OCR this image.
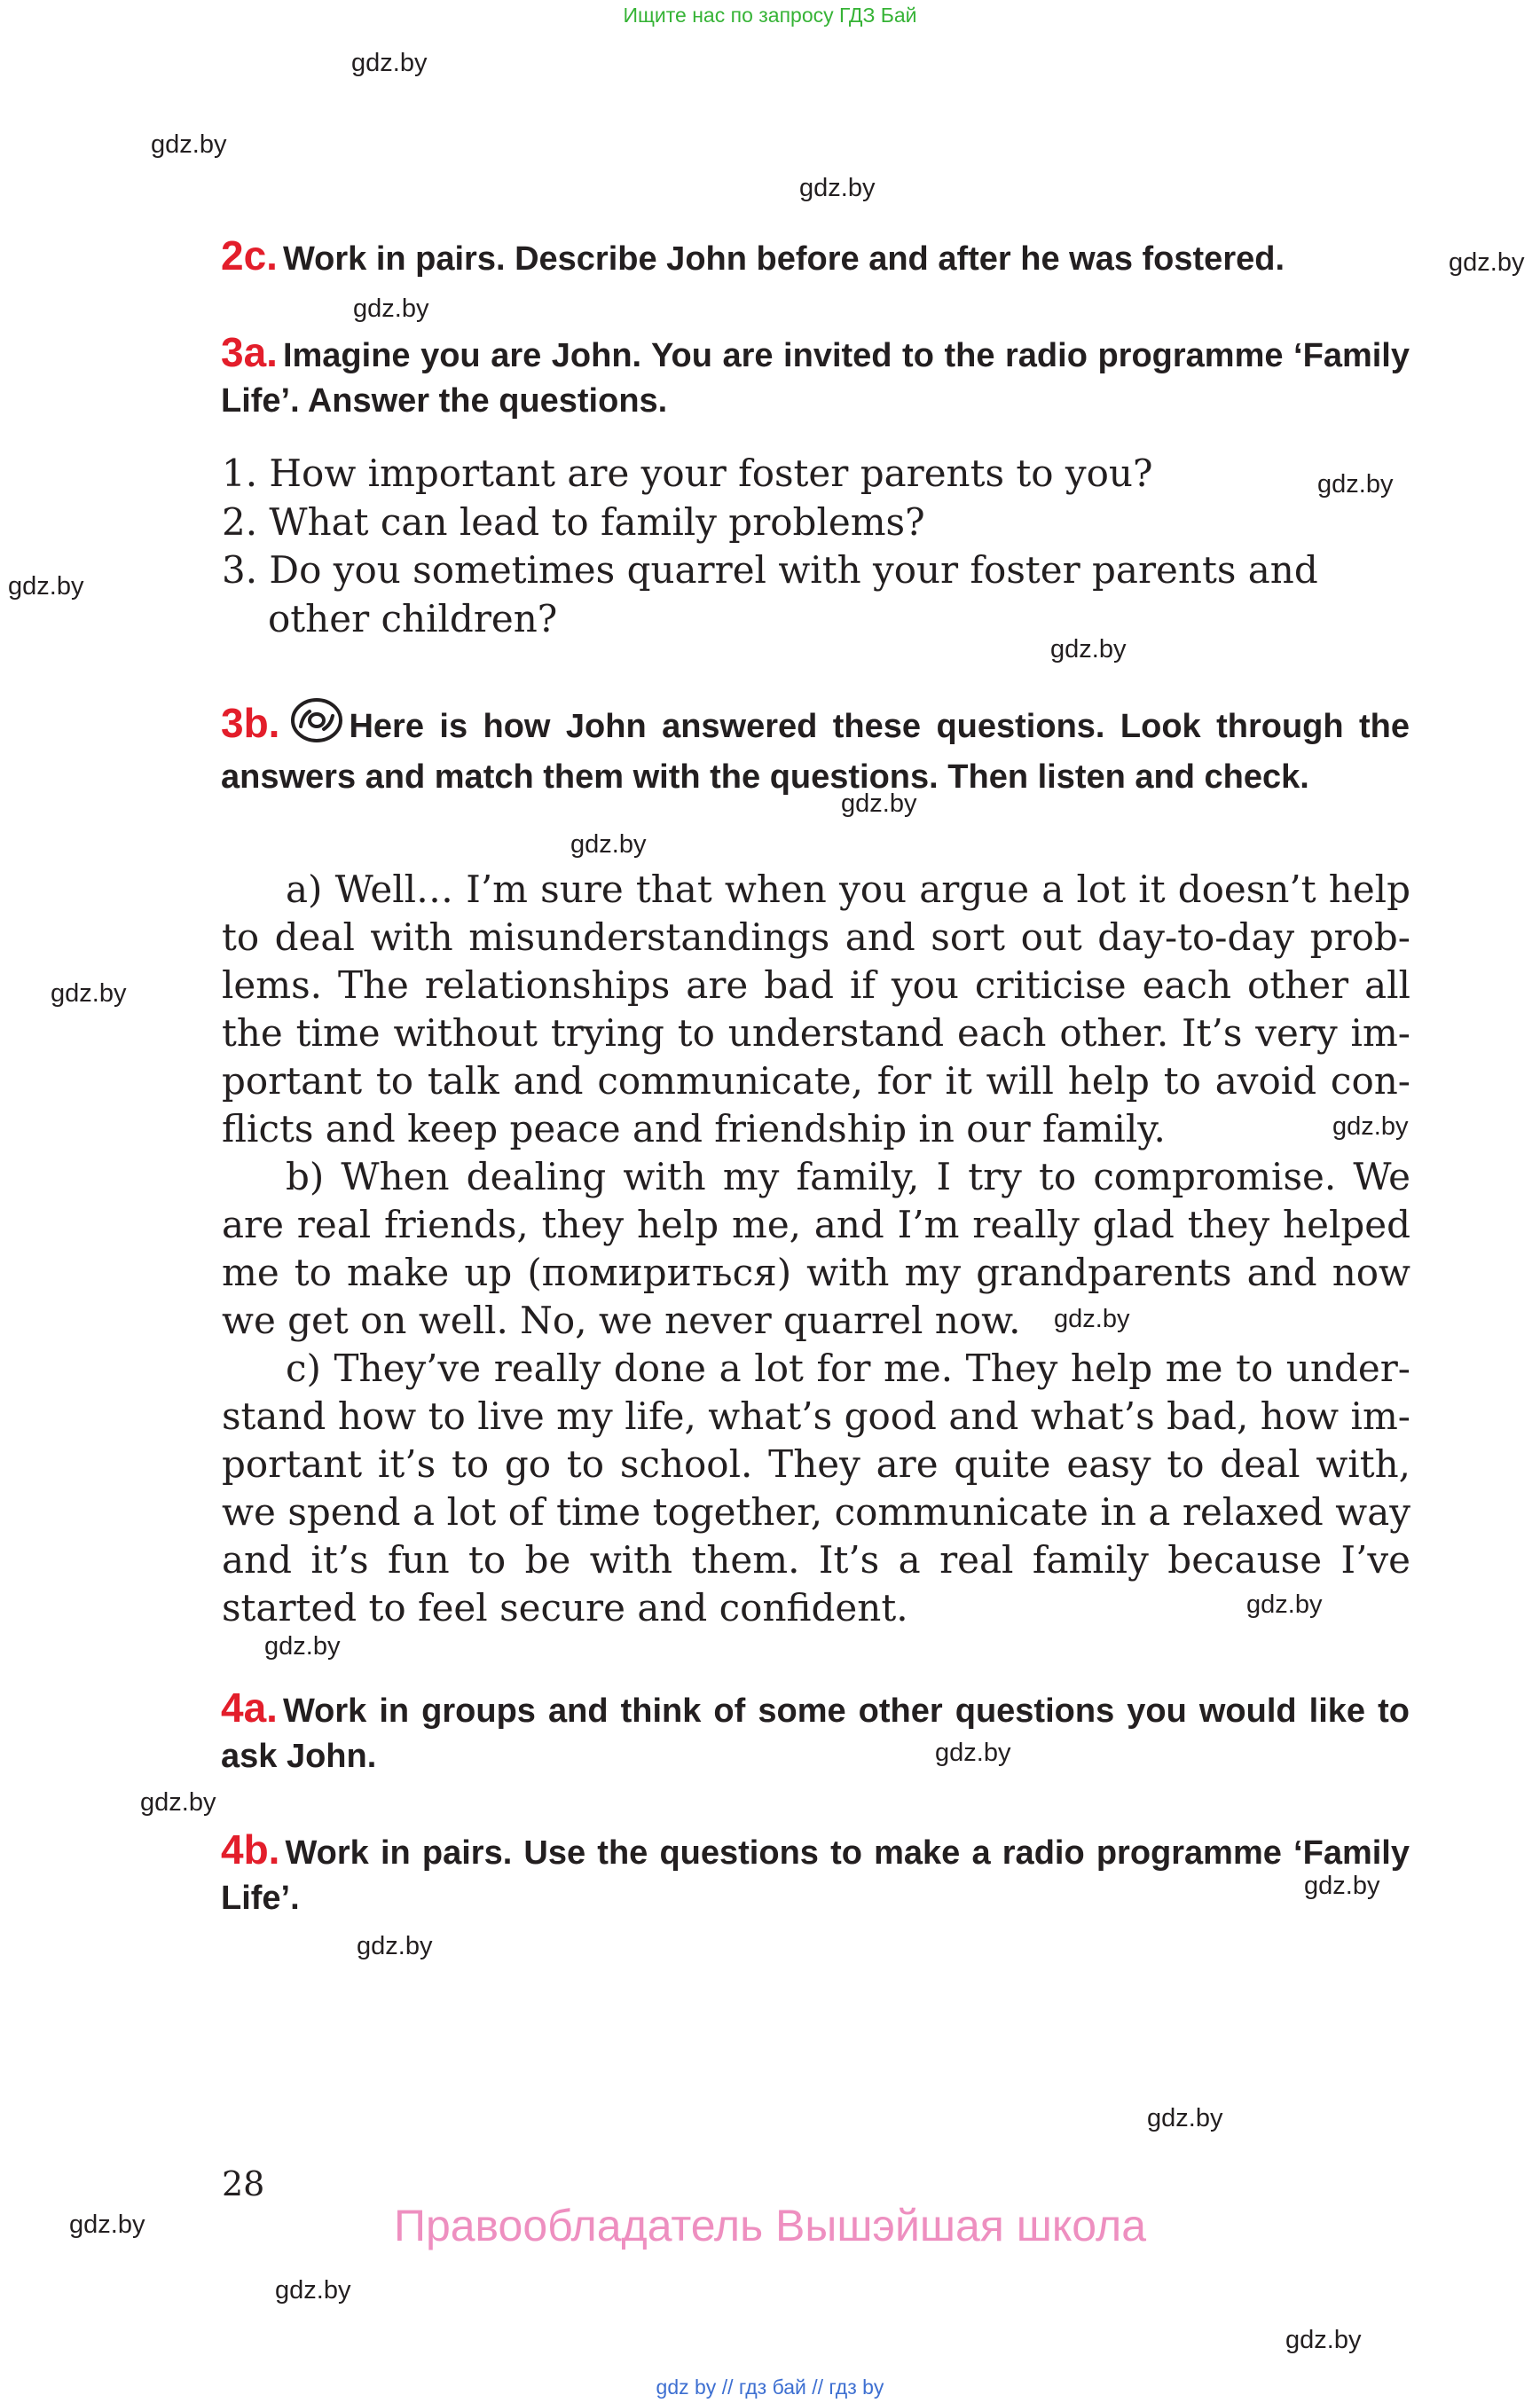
Ищите нас по запросу ГДЗ Бай
gdz.by
gdz.by
gdz.by
gdz.by
gdz.by
gdz.by
gdz.by
gdz.by
gdz.by
gdz.by
gdz.by
gdz.by
gdz.by
gdz.by
gdz.by
gdz.by
gdz.by
gdz.by
gdz.by
gdz.by
gdz.by
gdz.by
gdz.by
2c. Work in pairs. Describe John before and after he was fostered.
3a. Imagine you are John. You are invited to the radio programme ‘Family Life’. Answer the questions.
1. How important are your foster parents to you?
2. What can lead to family problems?
3. Do you sometimes quarrel with your foster parents and other children?
3b. Here is how John answered these questions. Look through the answers and match them with the questions. Then listen and check.

a) Well… I’m sure that when you argue a lot it doesn’t help to deal with misunderstandings and sort out day-to-day problems. The relationships are bad if you criticise each other all the time without trying to understand each other. It’s very important to talk and communicate, for it will help to avoid conflicts and keep peace and friendship in our family.

b) When dealing with my family, I try to compromise. We are real friends, they help me, and I’m really glad they helped me to make up (помириться) with my grandparents and now we get on well. No, we never quarrel now.

c) They’ve really done a lot for me. They help me to understand how to live my life, what’s good and what’s bad, how important it’s to go to school. They are quite easy to deal with, we spend a lot of time together, communicate in a relaxed way and it’s fun to be with them. It’s a real family because I’ve started to feel secure and confident.

4a. Work in groups and think of some other questions you would like to ask John.
4b. Work in pairs. Use the questions to make a radio programme ‘Family Life’.
28
Правообладатель Вышэйшая школа
gdz by // гдз бай // гдз by
